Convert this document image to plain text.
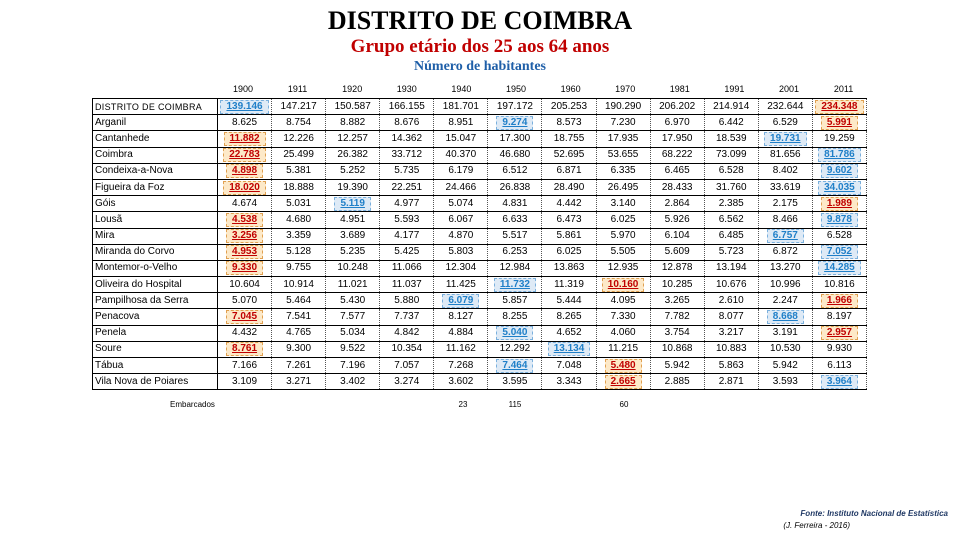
DISTRITO DE COIMBRA
Grupo etário dos 25 aos 64 anos
Número de habitantes
1900	1911	1920	1930	1940	1950	1960	1970	1981	1991	2001	2011
DISTRITO DE COIMBRA	139.146	147.217	150.587	166.155	181.701	197.172	205.253	190.290	206.202	214.914	232.644	234.348
Arganil	8.625	8.754	8.882	8.676	8.951	9.274	8.573	7.230	6.970	6.442	6.529	5.991
Cantanhede	11.882	12.226	12.257	14.362	15.047	17.300	18.755	17.935	17.950	18.539	19.731	19.259
Coimbra	22.783	25.499	26.382	33.712	40.370	46.680	52.695	53.655	68.222	73.099	81.656	81.786
Condeixa-a-Nova	4.898	5.381	5.252	5.735	6.179	6.512	6.871	6.335	6.465	6.528	8.402	9.602
Figueira da Foz	18.020	18.888	19.390	22.251	24.466	26.838	28.490	26.495	28.433	31.760	33.619	34.035
Góis	4.674	5.031	5.119	4.977	5.074	4.831	4.442	3.140	2.864	2.385	2.175	1.989
Lousã	4.538	4.680	4.951	5.593	6.067	6.633	6.473	6.025	5.926	6.562	8.466	9.878
Mira	3.256	3.359	3.689	4.177	4.870	5.517	5.861	5.970	6.104	6.485	6.757	6.528
Miranda do Corvo	4.953	5.128	5.235	5.425	5.803	6.253	6.025	5.505	5.609	5.723	6.872	7.052
Montemor-o-Velho	9.330	9.755	10.248	11.066	12.304	12.984	13.863	12.935	12.878	13.194	13.270	14.285
Oliveira do Hospital	10.604	10.914	11.021	11.037	11.425	11.732	11.319	10.160	10.285	10.676	10.996	10.816
Pampilhosa da Serra	5.070	5.464	5.430	5.880	6.079	5.857	5.444	4.095	3.265	2.610	2.247	1.966
Penacova	7.045	7.541	7.577	7.737	8.127	8.255	8.265	7.330	7.782	8.077	8.668	8.197
Penela	4.432	4.765	5.034	4.842	4.884	5.040	4.652	4.060	3.754	3.217	3.191	2.957
Soure	8.761	9.300	9.522	10.354	11.162	12.292	13.134	11.215	10.868	10.883	10.530	9.930
Tábua	7.166	7.261	7.196	7.057	7.268	7.464	7.048	5.480	5.942	5.863	5.942	6.113
Vila Nova de Poiares	3.109	3.271	3.402	3.274	3.602	3.595	3.343	2.665	2.885	2.871	3.593	3.964
Embarcados	23	115	60
Fonte: Instituto Nacional de Estatística
(J. Ferreira - 2016)
